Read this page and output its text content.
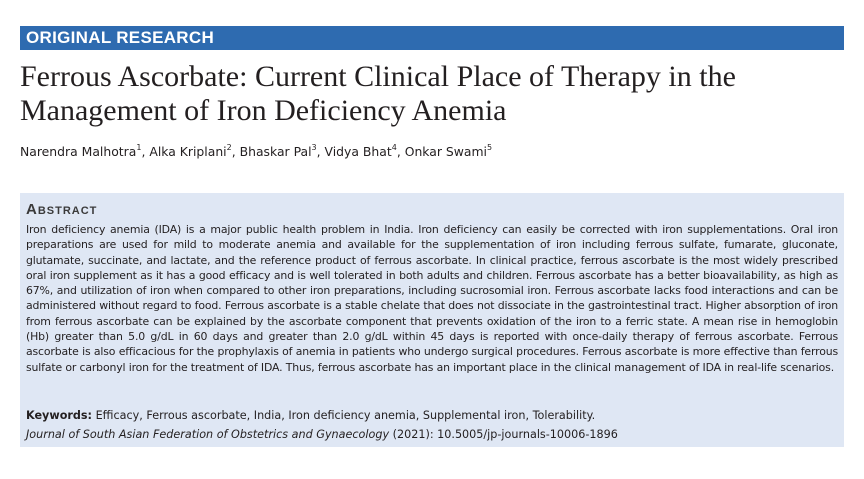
ORIGINAL RESEARCH
Ferrous Ascorbate: Current Clinical Place of Therapy in the
Management of Iron Deficiency Anemia
Narendra Malhotra$^1$, Alka Kriplani$^2$, Bhaskar Pal$^3$, Vidya Bhat$^4$, Onkar Swami$^5$
Abstract

Iron deficiency anemia (IDA) is a major public health problem in India. Iron deficiency can easily be corrected with iron supplementations. Oral iron preparations are used for mild to moderate anemia and available for the supplementation of iron including ferrous sulfate, fumarate, gluconate, glutamate, succinate, and lactate, and the reference product of ferrous ascorbate. In clinical practice, ferrous ascorbate is the most widely prescribed oral iron supplement as it has a good efficacy and is well tolerated in both adults and children. Ferrous ascorbate has a better bioavailability, as high as 67%, and utilization of iron when compared to other iron preparations, including sucrosomial iron. Ferrous ascorbate lacks food interactions and can be administered without regard to food. Ferrous ascorbate is a stable chelate that does not dissociate in the gastrointestinal tract. Higher absorption of iron from ferrous ascorbate can be explained by the ascorbate component that prevents oxidation of the iron to a ferric state. A mean rise in hemoglobin (Hb) greater than 5.0 g/dL in 60 days and greater than 2.0 g/dL within 45 days is reported with once-daily therapy of ferrous ascorbate. Ferrous ascorbate is also efficacious for the prophylaxis of anemia in patients who undergo surgical procedures. Ferrous ascorbate is more effective than ferrous sulfate or carbonyl iron for the treatment of IDA. Thus, ferrous ascorbate has an important place in the clinical management of IDA in real-life scenarios.

Keywords: Efficacy, Ferrous ascorbate, India, Iron deficiency anemia, Supplemental iron, Tolerability.
Journal of South Asian Federation of Obstetrics and Gynaecology (2021): 10.5005/jp-journals-10006-1896
